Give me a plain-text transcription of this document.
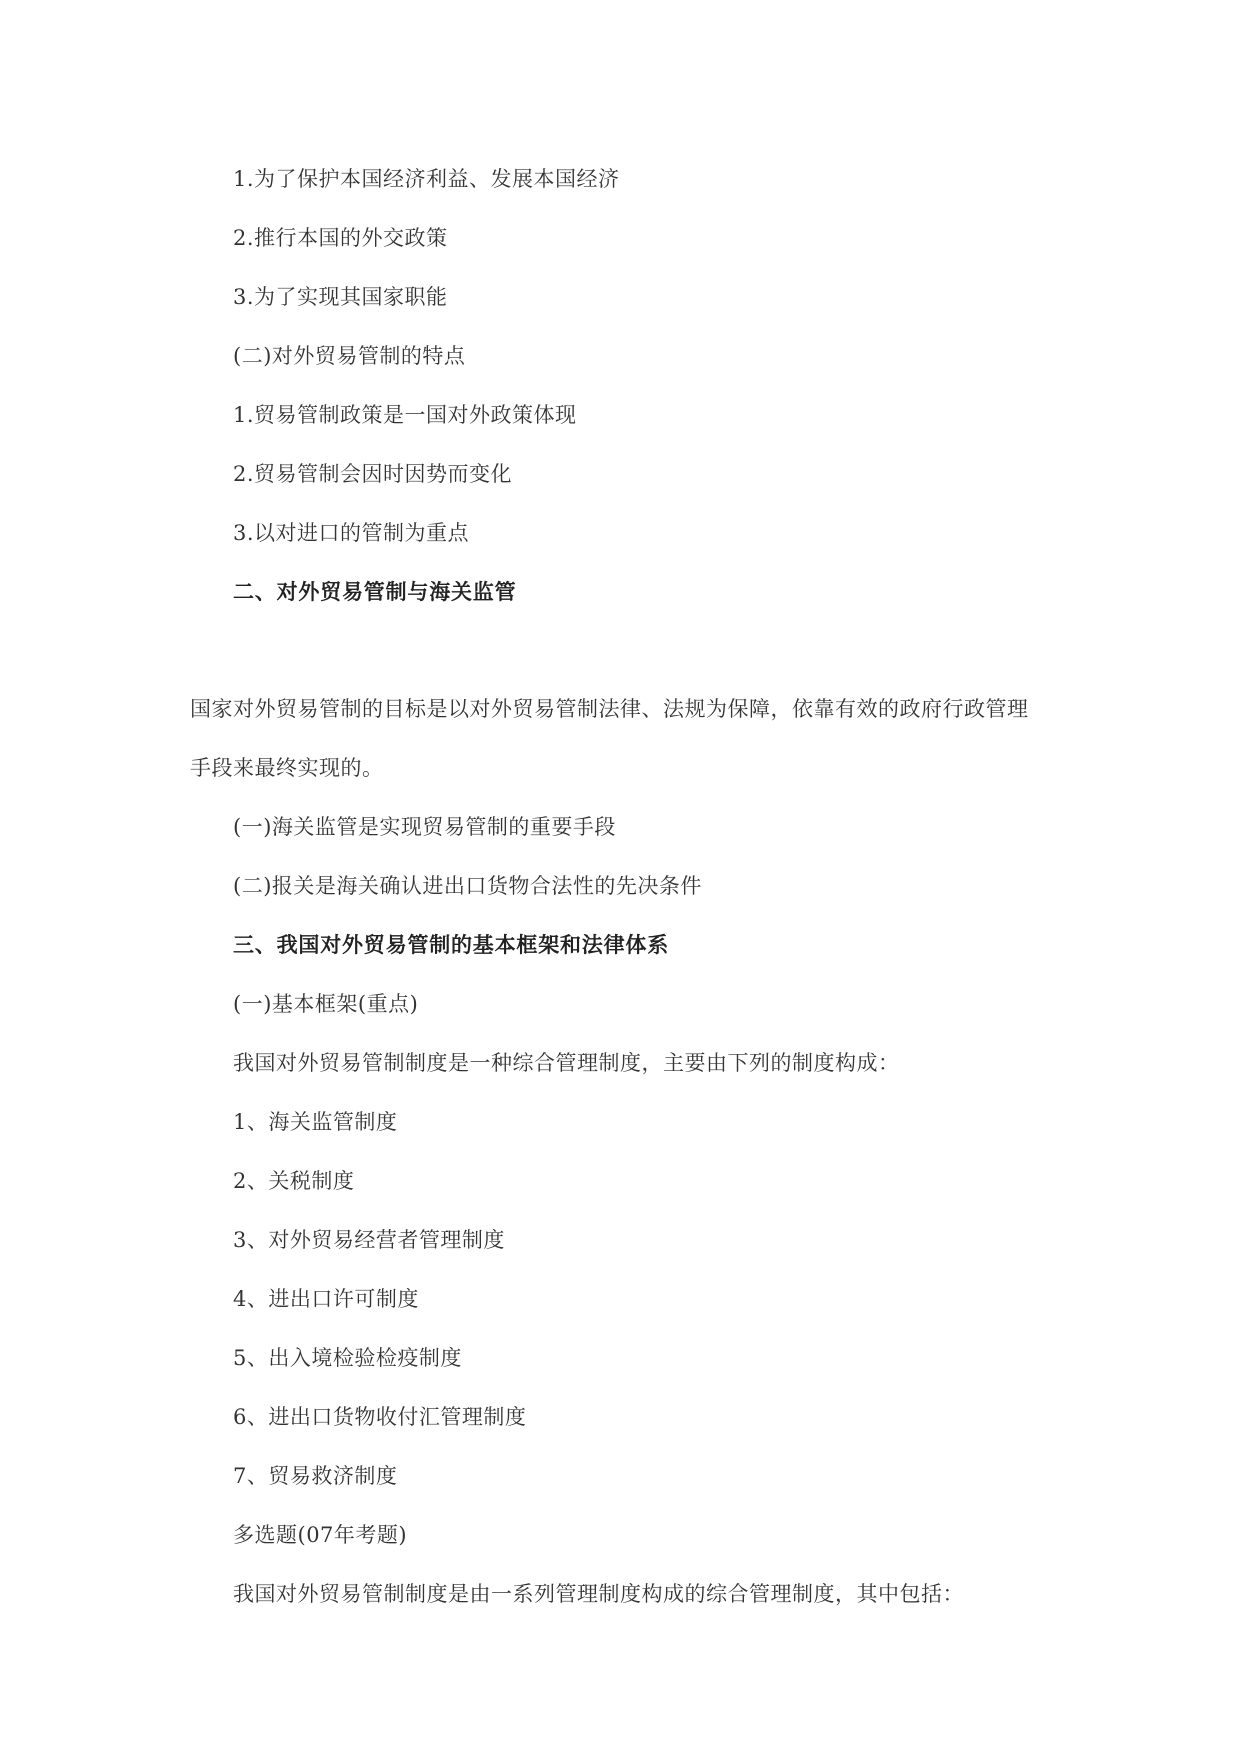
1.为了保护本国经济利益、发展本国经济
2.推行本国的外交政策
3.为了实现其国家职能
(二)对外贸易管制的特点
1.贸易管制政策是一国对外政策体现
2.贸易管制会因时因势而变化
3.以对进口的管制为重点
二、对外贸易管制与海关监管
国家对外贸易管制的目标是以对外贸易管制法律、法规为保障，依靠有效的政府行政管理
手段来最终实现的。
(一)海关监管是实现贸易管制的重要手段
(二)报关是海关确认进出口货物合法性的先决条件
三、我国对外贸易管制的基本框架和法律体系
(一)基本框架(重点)
我国对外贸易管制制度是一种综合管理制度，主要由下列的制度构成：
1、海关监管制度
2、关税制度
3、对外贸易经营者管理制度
4、进出口许可制度
5、出入境检验检疫制度
6、进出口货物收付汇管理制度
7、贸易救济制度
多选题(07年考题)
我国对外贸易管制制度是由一系列管理制度构成的综合管理制度，其中包括：
